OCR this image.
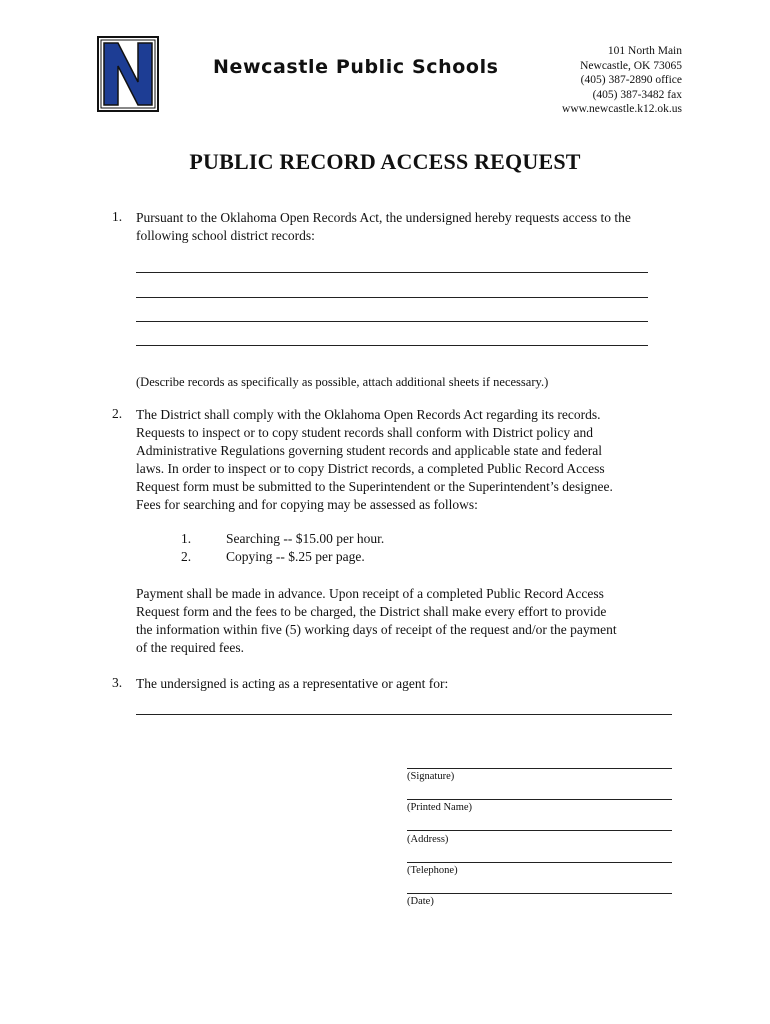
Newcastle Public Schools
101 North Main
Newcastle, OK 73065
(405) 387-2890 office
(405) 387-3482 fax
www.newcastle.k12.ok.us
PUBLIC RECORD ACCESS REQUEST
1. Pursuant to the Oklahoma Open Records Act, the undersigned hereby requests access to the
following school district records:
(Describe records as specifically as possible, attach additional sheets if necessary.)
2. The District shall comply with the Oklahoma Open Records Act regarding its records.
Requests to inspect or to copy student records shall conform with District policy and
Administrative Regulations governing student records and applicable state and federal
laws. In order to inspect or to copy District records, a completed Public Record Access
Request form must be submitted to the Superintendent or the Superintendent’s designee.
Fees for searching and for copying may be assessed as follows:
1.	Searching -- $15.00 per hour.
2.	Copying -- $.25 per page.
Payment shall be made in advance. Upon receipt of a completed Public Record Access
Request form and the fees to be charged, the District shall make every effort to provide
the information within five (5) working days of receipt of the request and/or the payment
of the required fees.
3. The undersigned is acting as a representative or agent for:
(Signature)
(Printed Name)
(Address)
(Telephone)
(Date)
